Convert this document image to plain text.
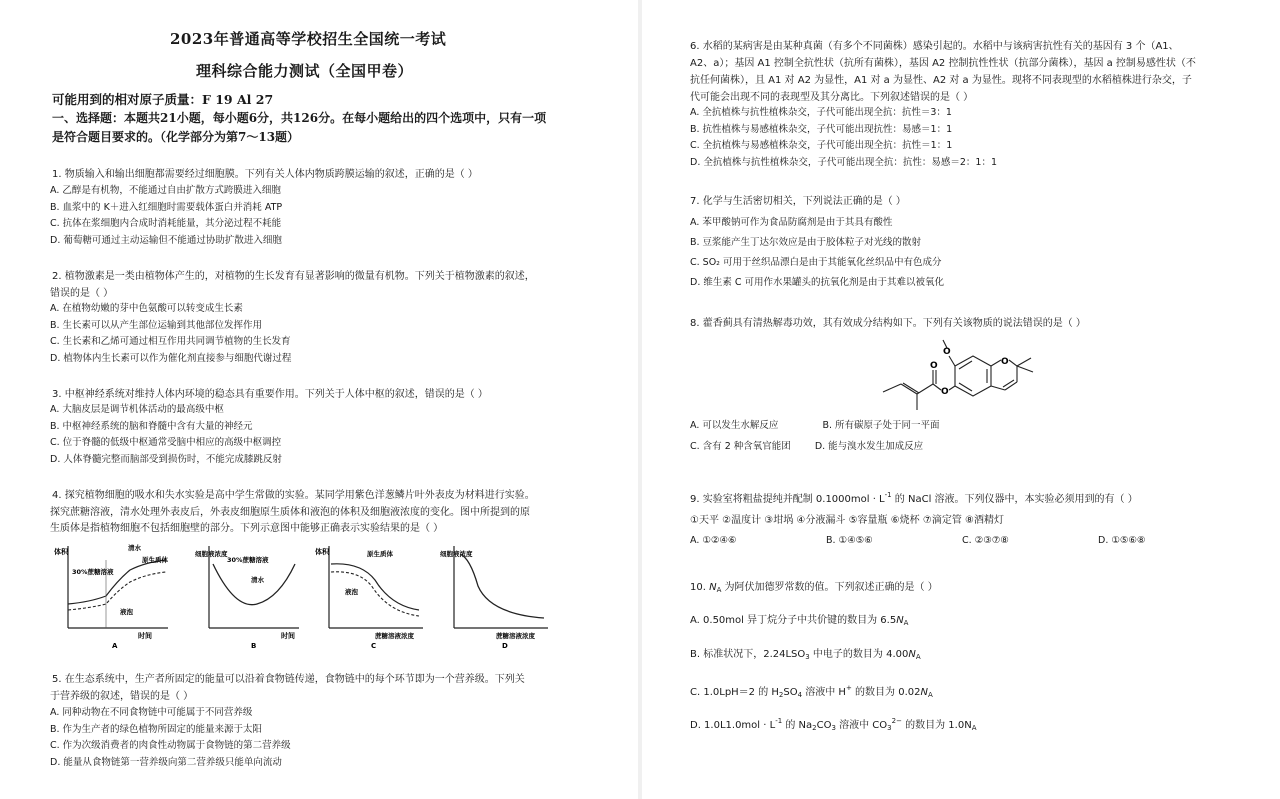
2023年普通高等学校招生全国统一考试
理科综合能力测试（全国甲卷）
可能用到的相对原子质量：F 19 Al 27
一、选择题：本题共21小题，每小题6分，共126分。在每小题给出的四个选项中，只有一项
是符合题目要求的。（化学部分为第7～13题）
1. 物质输入和输出细胞都需要经过细胞膜。下列有关人体内物质跨膜运输的叙述，正确的是（ ）
A. 乙醇是有机物，不能通过自由扩散方式跨膜进入细胞
B. 血浆中的 K＋进入红细胞时需要载体蛋白并消耗 ATP
C. 抗体在浆细胞内合成时消耗能量，其分泌过程不耗能
D. 葡萄糖可通过主动运输但不能通过协助扩散进入细胞
2. 植物激素是一类由植物体产生的，对植物的生长发育有显著影响的微量有机物。下列关于植物激素的叙述，
错误的是（ ）
A. 在植物幼嫩的芽中色氨酸可以转变成生长素
B. 生长素可以从产生部位运输到其他部位发挥作用
C. 生长素和乙烯可通过相互作用共同调节植物的生长发育
D. 植物体内生长素可以作为催化剂直接参与细胞代谢过程
3. 中枢神经系统对维持人体内环境的稳态具有重要作用。下列关于人体中枢的叙述，错误的是（ ）
A. 大脑皮层是调节机体活动的最高级中枢
B. 中枢神经系统的脑和脊髓中含有大量的神经元
C. 位于脊髓的低级中枢通常受脑中相应的高级中枢调控
D. 人体脊髓完整而脑部受到损伤时，不能完成膝跳反射
4. 探究植物细胞的吸水和失水实验是高中学生常做的实验。某同学用紫色洋葱鳞片叶外表皮为材料进行实验。
探究蔗糖溶液，清水处理外表皮后，外表皮细胞原生质体和液泡的体积及细胞液浓度的变化。图中所提到的原
生质体是指植物细胞不包括细胞壁的部分。下列示意图中能够正确表示实验结果的是（ ）
体积
时间
30%蔗糖溶液
清水
原生质体
液泡
A
细胞液浓度
时间
30%蔗糖溶液
清水
B
体积
蔗糖溶液浓度
原生质体
液泡
C
细胞液浓度
蔗糖溶液浓度
D
5. 在生态系统中，生产者所固定的能量可以沿着食物链传递，食物链中的每个环节即为一个营养级。下列关
于营养级的叙述，错误的是（ ）
A. 同种动物在不同食物链中可能属于不同营养级
B. 作为生产者的绿色植物所固定的能量来源于太阳
C. 作为次级消费者的肉食性动物属于食物链的第二营养级
D. 能量从食物链第一营养级向第二营养级只能单向流动
6. 水稻的某病害是由某种真菌（有多个不同菌株）感染引起的。水稻中与该病害抗性有关的基因有 3 个（A1、
A2、a）；基因 A1 控制全抗性状（抗所有菌株），基因 A2 控制抗性性状（抗部分菌株），基因 a 控制易感性状（不
抗任何菌株），且 A1 对 A2 为显性，A1 对 a 为显性、A2 对 a 为显性。现将不同表现型的水稻植株进行杂交，子
代可能会出现不同的表现型及其分离比。下列叙述错误的是（ ）
A. 全抗植株与抗性植株杂交，子代可能出现全抗：抗性＝3：1
B. 抗性植株与易感植株杂交，子代可能出现抗性：易感＝1：1
C. 全抗植株与易感植株杂交，子代可能出现全抗：抗性＝1：1
D. 全抗植株与抗性植株杂交，子代可能出现全抗：抗性：易感＝2：1：1
7. 化学与生活密切相关，下列说法正确的是（ ）
A. 苯甲酸钠可作为食品防腐剂是由于其具有酸性
B. 豆浆能产生丁达尔效应是由于胶体粒子对光线的散射
C. SO₂ 可用于丝织品漂白是由于其能氧化丝织品中有色成分
D. 维生素 C 可用作水果罐头的抗氧化剂是由于其难以被氧化
8. 藿香蓟具有清热解毒功效，其有效成分结构如下。下列有关该物质的说法错误的是（ ）
O
O
O
O
A. 可以发生水解反应	B. 所有碳原子处于同一平面
C. 含有 2 种含氧官能团	D. 能与溴水发生加成反应
9. 实验室将粗盐提纯并配制 $0.1000mol \cdot L^{-1}$ 的 NaCl 溶液。下列仪器中，本实验必须用到的有（ ）
①天平 ②温度计 ③坩埚 ④分液漏斗 ⑤容量瓶 ⑥烧杯 ⑦滴定管 ⑧酒精灯
A. ①②④⑥	B. ①④⑤⑥	C. ②③⑦⑧	D. ①⑤⑥⑧
10. $N_A$ 为阿伏加德罗常数的值。下列叙述正确的是（ ）
A. 0.50mol 异丁烷分子中共价键的数目为 $6.5N_A$
B. 标准状况下，$2.24LSO_3$ 中电子的数目为 $4.00N_A$
C. 1.0LpH＝2 的 $H_2SO_4$ 溶液中 H+ 的数目为 $0.02N_A$
D. $1.0L1.0mol \cdot L^{-1}$ 的 $Na_2CO_3$ 溶液中 $CO_3^{2-}$ 的数目为 $1.0N_A$
